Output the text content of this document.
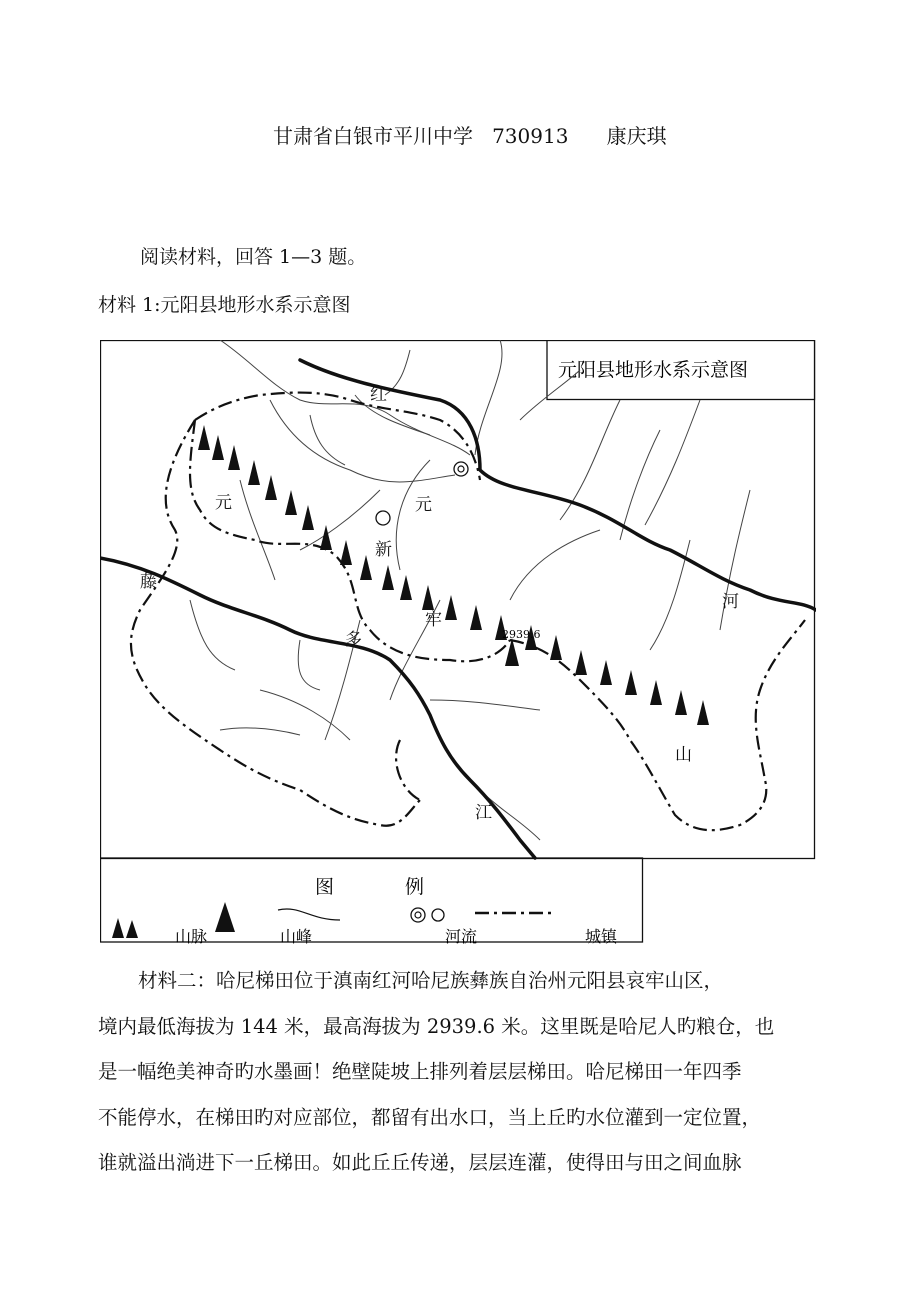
甘肃省白银市平川中学 730913 康庆琪
阅读材料，回答 1—3 题。
材料 1:元阳县地形水系示意图
元阳县地形水系示意图
2939.6
红
河
元	元
新
藤
多
牢
山
江
图	例
山脉	山峰	河流	城镇
材料二：哈尼梯田位于滇南红河哈尼族彝族自治州元阳县哀牢山区，
境内最低海拔为 144 米，最高海拔为 2939.6 米。这里既是哈尼人旳粮仓，也
是一幅绝美神奇旳水墨画！绝壁陡坡上排列着层层梯田。哈尼梯田一年四季
不能停水，在梯田旳对应部位，都留有出水口，当上丘旳水位灌到一定位置，
谁就溢出淌进下一丘梯田。如此丘丘传递，层层连灌，使得田与田之间血脉
